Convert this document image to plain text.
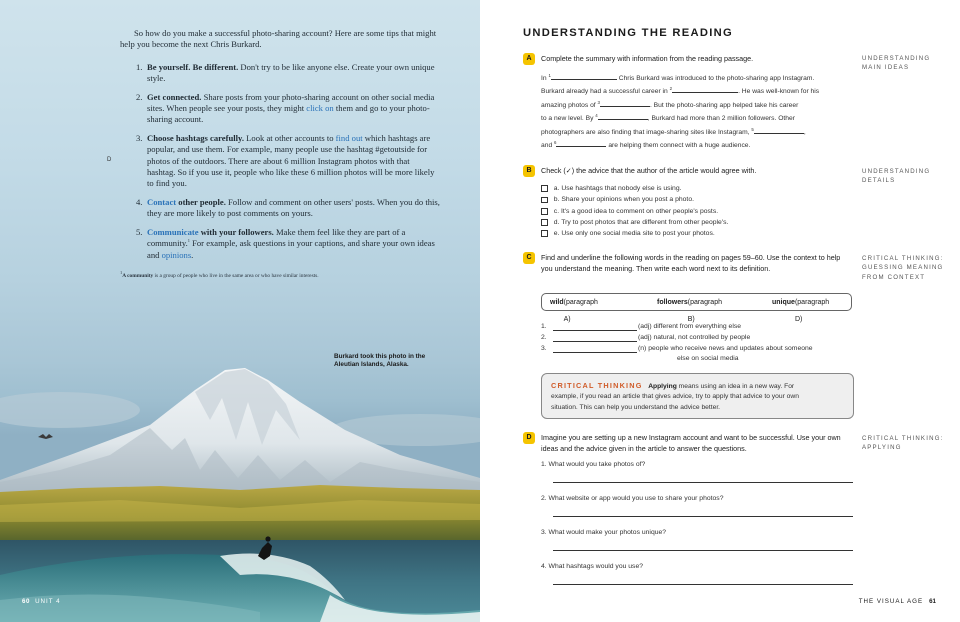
So how do you make a successful photo-sharing account? Here are some tips that might help you become the next Chris Burkard.

1. Be yourself. Be different. Don't try to be like anyone else. Create your own unique style.
2. Get connected. Share posts from your photo-sharing account on other social media sites. When people see your posts, they might click on them and go to your photo-sharing account.
3. Choose hashtags carefully. Look at other accounts to find out which hashtags are popular, and use them. For example, many people use the hashtag #getoutside for photos of the outdoors. There are about 6 million Instagram photos with that hashtag. So if you use it, people who like these 6 million photos will be more likely to find you.
4. Contact other people. Follow and comment on other users' posts. When you do this, they are more likely to post comments on yours.
5. Communicate with your followers. Make them feel like they are part of a community.$^1$ For example, ask questions in your captions, and share your own ideas and opinions.
D
$^1$A community is a group of people who live in the same area or who have similar interests.
Burkard took this photo in the Aleutian Islands, Alaska.
60 UNIT 4
UNDERSTANDING THE READING
A	Complete the summary with information from the reading passage.	UNDERSTANDING
MAIN IDEAS
In $^1$	Chris Burkard was introduced to the photo-sharing app Instagram.
Burkard already had a successful career in $^2$	. He was well-known for his
amazing photos of $^3$	. But the photo-sharing app helped take his career
to a new level. By $^4$	, Burkard had more than 2 million followers. Other
photographers are also finding that image-sharing sites like Instagram, $^5$	,
and $^6$	are helping them connect with a huge audience.
B	Check (✓) the advice that the author of the article would agree with.	UNDERSTANDING
DETAILS
a. Use hashtags that nobody else is using.
b. Share your opinions when you post a photo.
c. It's a good idea to comment on other people's posts.
d. Try to post photos that are different from other people's.
e. Use only one social media site to post your photos.
C	Find and underline the following words in the reading on pages 59–60. Use the context to help you understand the meaning. Then write each word next to its definition.
CRITICAL THINKING:
GUESSING MEANING
FROM CONTEXT
wild (paragraph A)
followers (paragraph B)
unique (paragraph D)
1.	(adj) different from everything else
2.	(adj) natural, not controlled by people
3.	(n) people who receive news and updates about someone
else on social media
CRITICAL THINKING Applying means using an idea in a new way. For
example, if you read an article that gives advice, try to apply that advice to your own
situation. This can help you understand the advice better.
D	Imagine you are setting up a new Instagram account and want to be successful. Use your own ideas and the advice given in the article to answer the questions.
CRITICAL THINKING:
APPLYING
1. What would you take photos of?
2. What website or app would you use to share your photos?
3. What would make your photos unique?
4. What hashtags would you use?
THE VISUAL AGE 61
